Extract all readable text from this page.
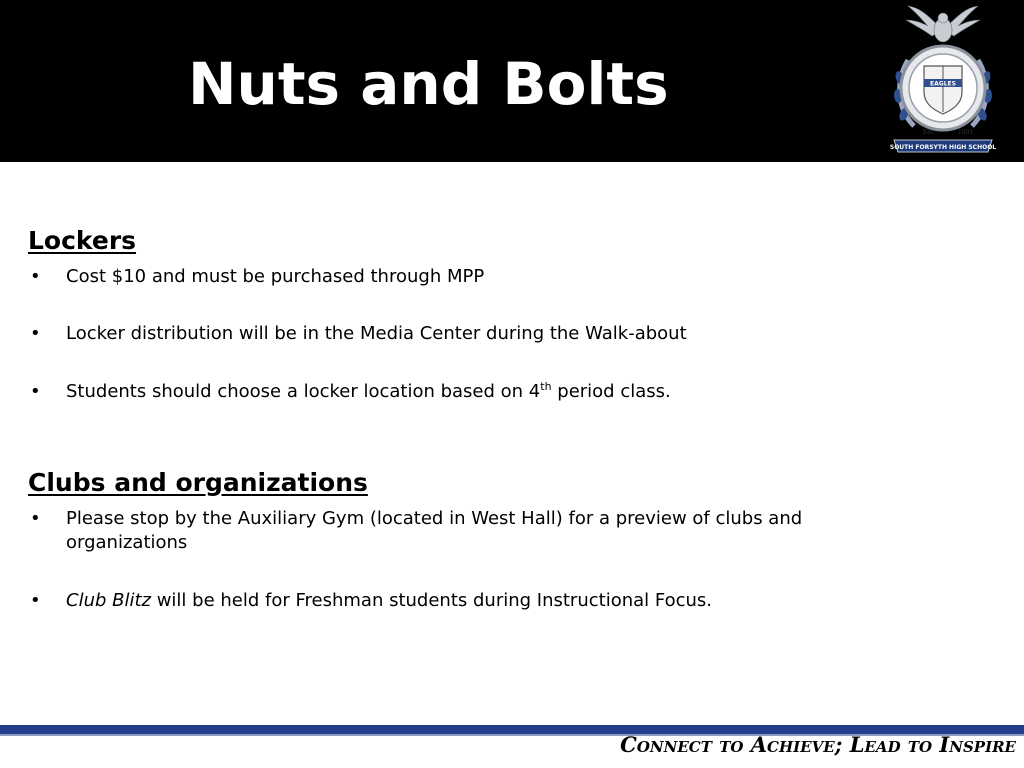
Nuts and Bolts	EAGLES
Est.	1991
SOUTH FORSYTH HIGH SCHOOL
Lockers
• Cost $10 and must be purchased through MPP
• Locker distribution will be in the Media Center during the Walk-about
• Students should choose a locker location based on 4th period class.
Clubs and organizations
• Please stop by the Auxiliary Gym (located in West Hall) for a preview of clubs and organizations
• Club Blitz will be held for Freshman students during Instructional Focus.
Connect to Achieve; Lead to Inspire
